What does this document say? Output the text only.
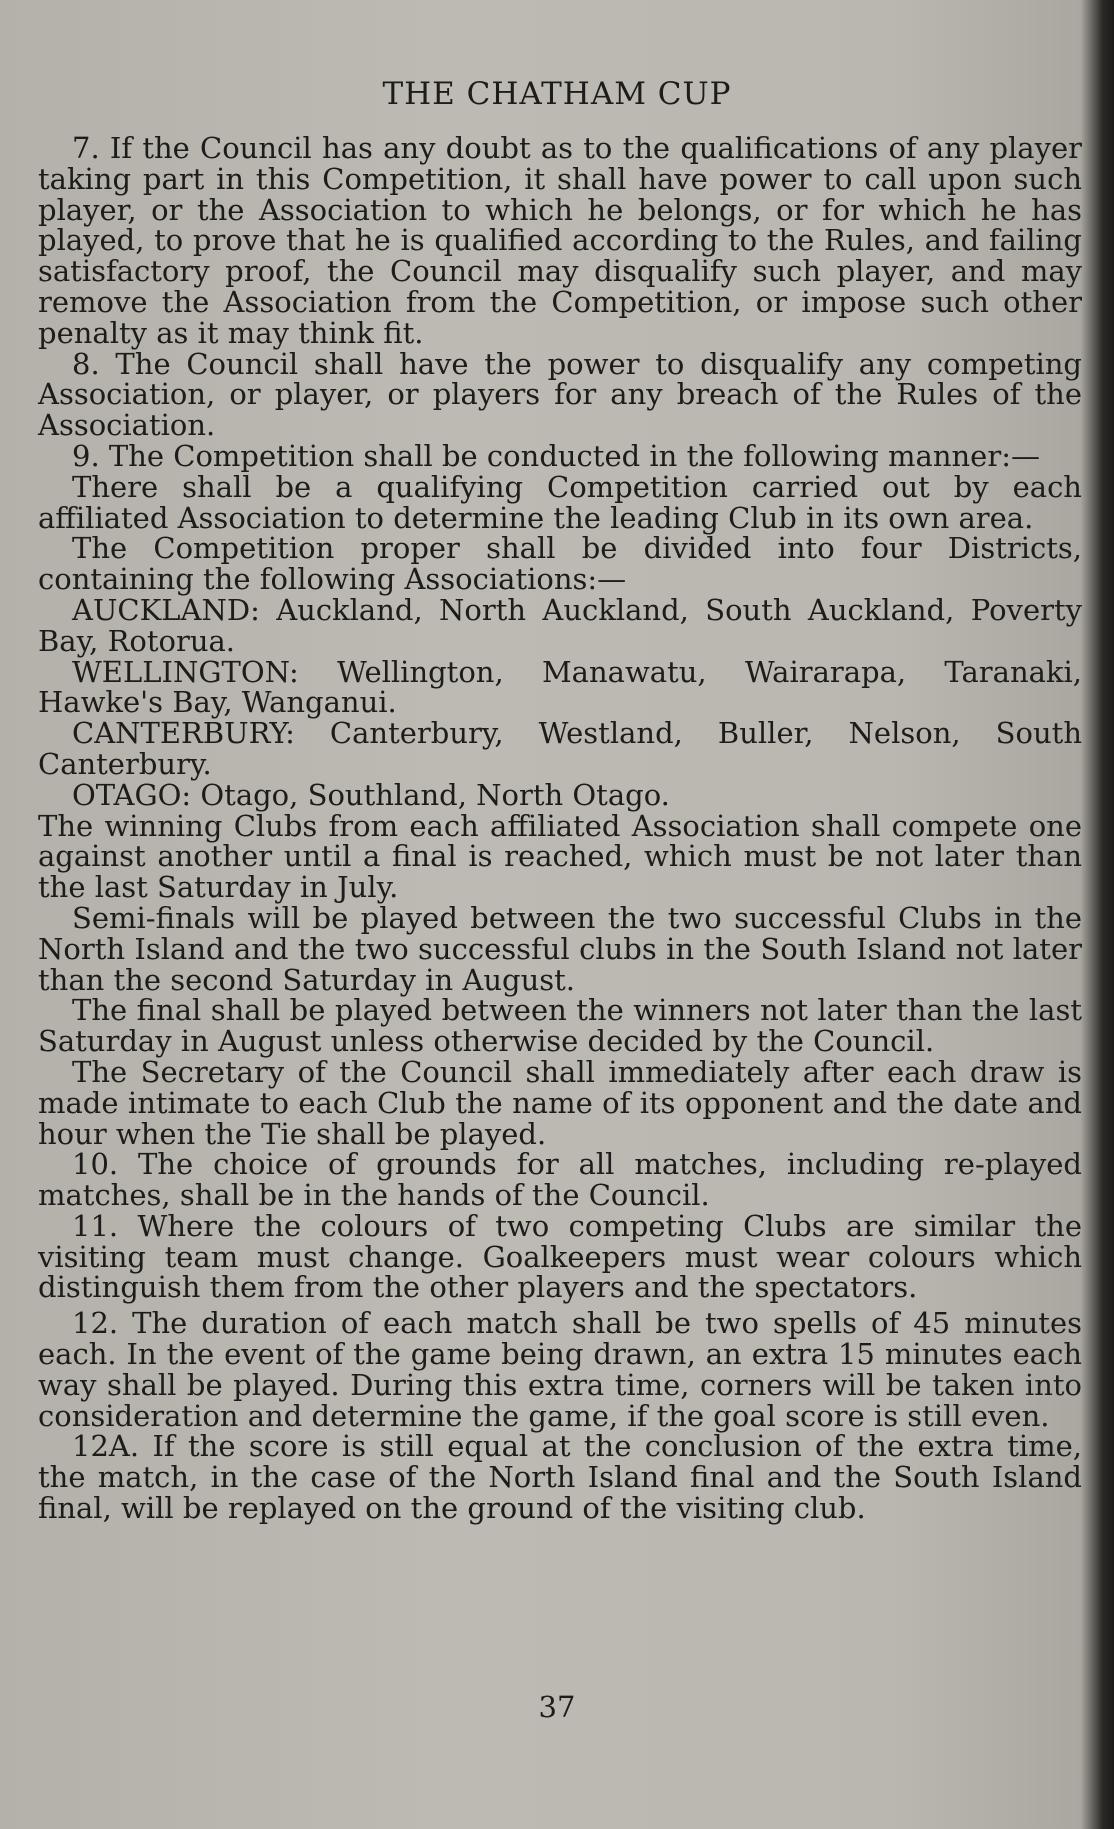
THE CHATHAM CUP

7. If the Council has any doubt as to the qualifications of any player taking part in this Competition, it shall have power to call upon such player, or the Association to which he belongs, or for which he has played, to prove that he is qualified according to the Rules, and failing satisfactory proof, the Council may disqualify such player, and may remove the Association from the Competition, or impose such other penalty as it may think fit.

8. The Council shall have the power to disqualify any competing Association, or player, or players for any breach of the Rules of the Association.

9. The Competition shall be conducted in the following manner:—

There shall be a qualifying Competition carried out by each affiliated Association to determine the leading Club in its own area.

The Competition proper shall be divided into four Districts, containing the following Associations:—

AUCKLAND: Auckland, North Auckland, South Auckland, Poverty Bay, Rotorua.

WELLINGTON: Wellington, Manawatu, Wairarapa, Taranaki, Hawke's Bay, Wanganui.

CANTERBURY: Canterbury, Westland, Buller, Nelson, South Canterbury.

OTAGO: Otago, Southland, North Otago.

The winning Clubs from each affiliated Association shall compete one against another until a final is reached, which must be not later than the last Saturday in July.

Semi-finals will be played between the two successful Clubs in the North Island and the two successful clubs in the South Island not later than the second Saturday in August.

The final shall be played between the winners not later than the last Saturday in August unless otherwise decided by the Council.

The Secretary of the Council shall immediately after each draw is made intimate to each Club the name of its opponent and the date and hour when the Tie shall be played.

10. The choice of grounds for all matches, including re-played matches, shall be in the hands of the Council.

11. Where the colours of two competing Clubs are similar the visiting team must change. Goalkeepers must wear colours which distinguish them from the other players and the spectators.

12. The duration of each match shall be two spells of 45 minutes each. In the event of the game being drawn, an extra 15 minutes each way shall be played. During this extra time, corners will be taken into consideration and determine the game, if the goal score is still even.

12A. If the score is still equal at the conclusion of the extra time, the match, in the case of the North Island final and the South Island final, will be replayed on the ground of the visiting club.

37
